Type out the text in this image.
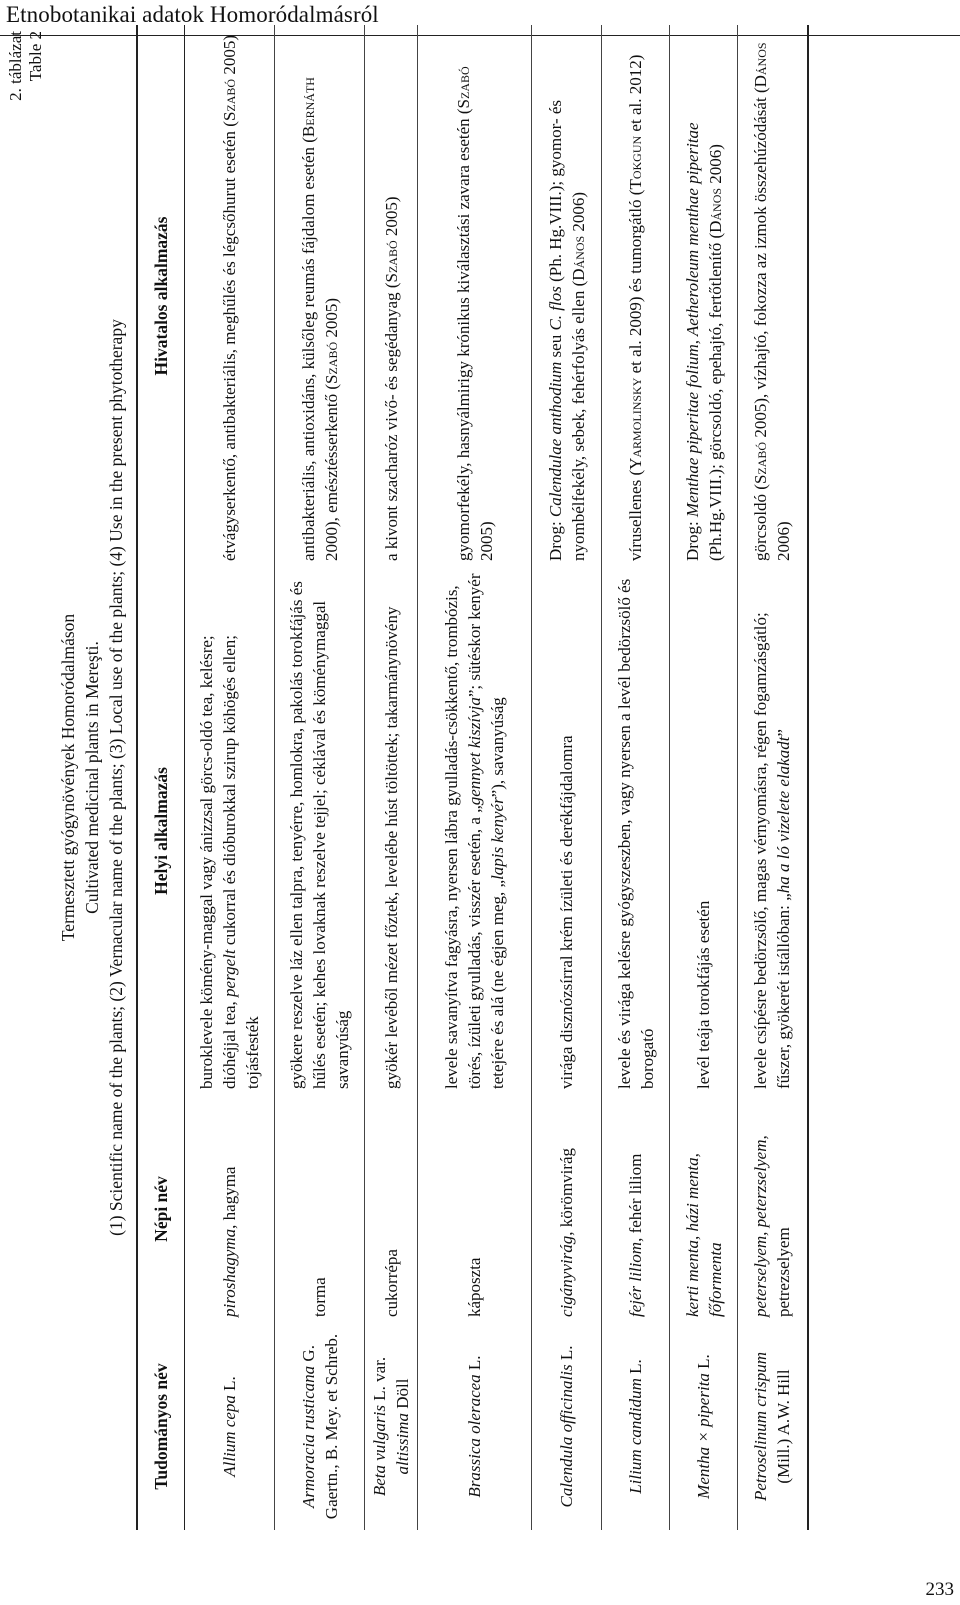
Etnobotanikai adatok Homoródalmásról
2. táblázat Table 2
Termesztett gyógynövények Homoródalmáson Cultivated medicinal plants in Mereşti. (1) Scientific name of the plants; (2) Vernacular name of the plants; (3) Local use of the plants; (4) Use in the present phytotherapy
Tudományos név	Népi név	Helyi alkalmazás	Hivatalos alkalmazás
Allium cepa L.	piroshagyma, hagyma	buroklevele kömény-maggal vagy ánizzsal görcs-oldó tea, kelésre; dióhéjjal tea, pergelt cukorral és dióburokkal szirup köhögés ellen; tojásfesték	étvágyserkentő, antibakteriális, meghűlés és légcsőhurut esetén (Szabó 2005)
Armoracia rusticana G. Gaertn., B. Mey. et Schreb.	torma	gyökere reszelve láz ellen talpra, tenyérre, homlokra, pakolás torokfájás és hűlés esetén; kehes lovaknak reszelve tejjel; céklával és köménymaggal savanyúság	antibakteriális, antioxidáns, külsőleg reumás fájdalom esetén (Bernáth 2000), emésztésserkentő (Szabó 2005)
Beta vulgaris L. var. altissima Döll	cukorrépa	gyökér levéből mézet főztek, levelébe húst töltöttek; takarmánynövény	a kivont szacharóz vivő- és segédanyag (Szabó 2005)
Brassica oleracea L.	káposzta	levele savanyítva fagyásra, nyersen lábra gyulladás-csökkentő, trombózis, törés, ízületi gyulladás, visszér esetén, a „gennyet kiszívja”; sütéskor kenyér tetejére és alá (ne égjen meg, „lapis kenyér”), savanyúság	gyomorfekély, hasnyálmirigy krónikus kiválasztási zavara esetén (Szabó 2005)
Calendula officinalis L.	cigányvirág, körömvirág	virága disznózsírral krém ízületi és derékfájdalomra	Drog: Calendulae anthodium seu C. flos (Ph. Hg.VIII.); gyomor- és nyombélfekély, sebek, fehérfolyás ellen (Dános 2006)
Lilium candidum L.	fejér liliom, fehér liliom	levele és virága kelésre gyógyszeszben, vagy nyersen a levél bedörzsölő és borogató	vírusellenes (Yarmolinsky et al. 2009) és tumorgátló (Tokgun et al. 2012)
Mentha × piperita L.	kerti menta, házi menta, főformenta	levél teája torokfájás esetén	Drog: Menthae piperitae folium, Aetheroleum menthae piperitae (Ph.Hg.VIII.); görcsoldó, epehajtó, fertőtlenítő (Dános 2006)
Petroselinum crispum (Mill.) A.W. Hill	peterselyem, peterzselyem, petrezselyem	levele csípésre bedörzsölő, magas vérnyomásra, régen fogamzásgátló; fűszer, gyökerét istállóban: „ha a ló vizelete elakadt”	görcsoldó (Szabó 2005), vízhajtó, fokozza az izmok összehúzódását (Dános 2006)
233
